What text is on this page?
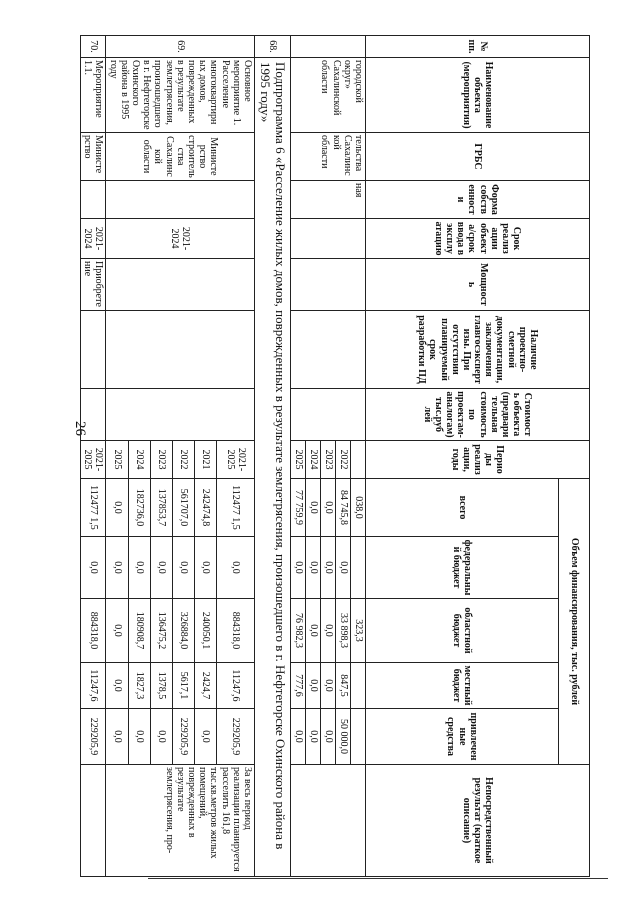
26
№ пп.	Наименование объекта (мероприятия)	ГРБС	Форма собственности	Срок реализации объекта/срок ввода в эксплуатацию	Мощность	Наличие проектно-сметной документации, заключения главгосэкспертизы. При отсутствии планируемый срок разработки ПД	Стоимость объекта (предварительная стоимость по проектам-аналогам) тыс.руб лей	Периоды реализации, годы	Объем финансирования, тыс. рублей					Непосредственный результат (краткое описание)
									всего	федеральный бюджет	областной бюджет	местный бюджет	привлеченные средства	
	городской округ» Сахалинской области	тельства Сахалинской области	ная						038,0		323,3			
								2022	84 745,8	0,0	33 898,3	847,5	50 000,0	
								2023	0,0	0,0	0,0	0,0	0,0	
								2024	0,0	0,0	0,0	0,0	0,0	
								2025	77 759,9	0,0	76 982,3	777,6	0,0	
68.	Подпрограмма 6 «Расселение жилых домов, поврежденных в результате землетрясения, произошедшего в г. Нефтегорске Охинского района в 1995 году»													
69.	Основное мероприятие 1. Расселение многоквартирных домов, поврежденных в результате землетрясения, произошедшего в г. Нефтегорске Охинского района в 1995 году	Министерство строительства Сахалинской области		2021-2024				2021-2025	112477 1,5	0,0	884318,0	11247,6	229205,9	За весь период реализации планируется расселить 161,8 тыс.кв.метров жилых помещений, поврежденных в результате землетрясения, про-
								2021	242474,8	0,0	240050,1	2424,7	0,0	
								2022	561707,0	0,0	326884,0	5617,1	229205,9	
								2023	137853,7	0,0	136475,2	1378,5	0,0	
								2024	182736,0	0,0	180908,7	1827,3	0,0	
								2025	0,0	0,0	0,0	0,0	0,0	
70.	Мероприятие 1.1.	Министерство		2021-2024	Приобретение			2021-2025	112477 1,5	0,0	884318,0	11247,6	229205,9	
